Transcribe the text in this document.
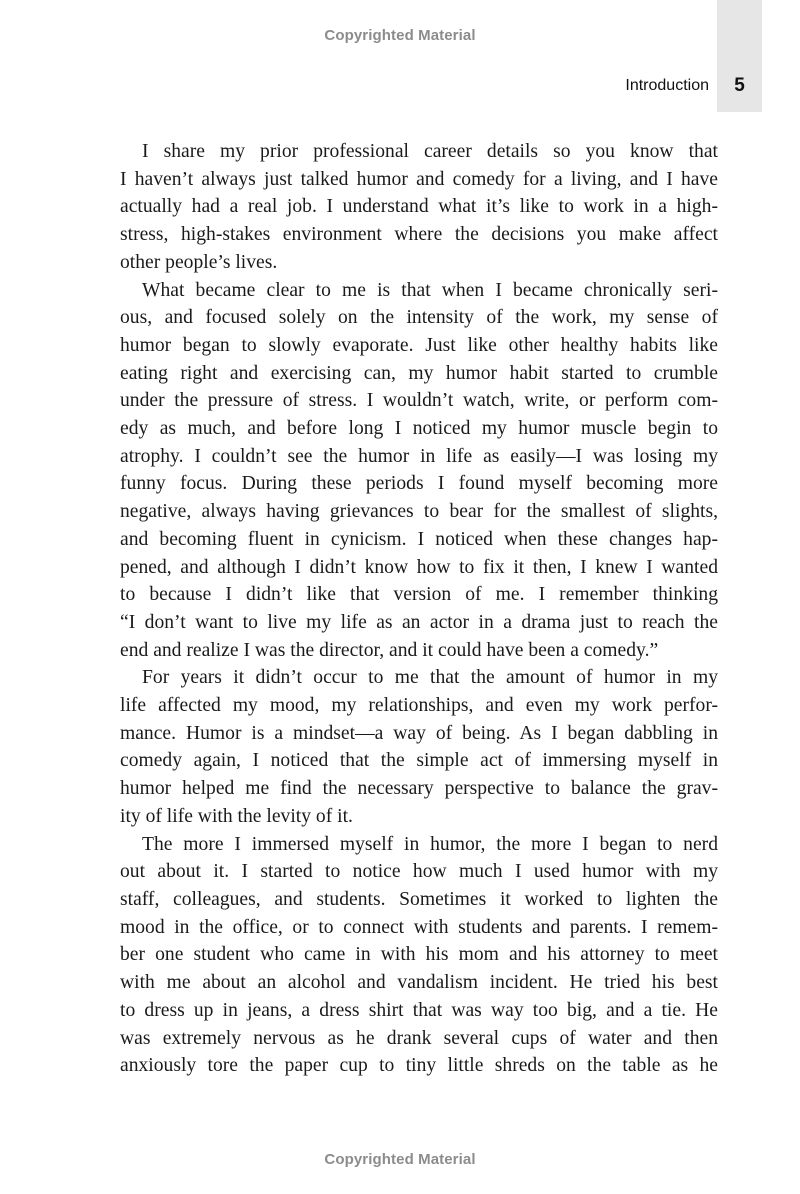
Copyrighted Material
5
Introduction
I share my prior professional career details so you know that
I haven’t always just talked humor and comedy for a living, and I have
actually had a real job. I understand what it’s like to work in a high-
stress, high-stakes environment where the decisions you make affect
other people’s lives.
What became clear to me is that when I became chronically seri-
ous, and focused solely on the intensity of the work, my sense of
humor began to slowly evaporate. Just like other healthy habits like
eating right and exercising can, my humor habit started to crumble
under the pressure of stress. I wouldn’t watch, write, or perform com-
edy as much, and before long I noticed my humor muscle begin to
atrophy. I couldn’t see the humor in life as easily—I was losing my
funny focus. During these periods I found myself becoming more
negative, always having grievances to bear for the smallest of slights,
and becoming fluent in cynicism. I noticed when these changes hap-
pened, and although I didn’t know how to fix it then, I knew I wanted
to because I didn’t like that version of me. I remember thinking
“I don’t want to live my life as an actor in a drama just to reach the
end and realize I was the director, and it could have been a comedy.”
For years it didn’t occur to me that the amount of humor in my
life affected my mood, my relationships, and even my work perfor-
mance. Humor is a mindset—a way of being. As I began dabbling in
comedy again, I noticed that the simple act of immersing myself in
humor helped me find the necessary perspective to balance the grav-
ity of life with the levity of it.
The more I immersed myself in humor, the more I began to nerd
out about it. I started to notice how much I used humor with my
staff, colleagues, and students. Sometimes it worked to lighten the
mood in the office, or to connect with students and parents. I remem-
ber one student who came in with his mom and his attorney to meet
with me about an alcohol and vandalism incident. He tried his best
to dress up in jeans, a dress shirt that was way too big, and a tie. He
was extremely nervous as he drank several cups of water and then
anxiously tore the paper cup to tiny little shreds on the table as he
Copyrighted Material
